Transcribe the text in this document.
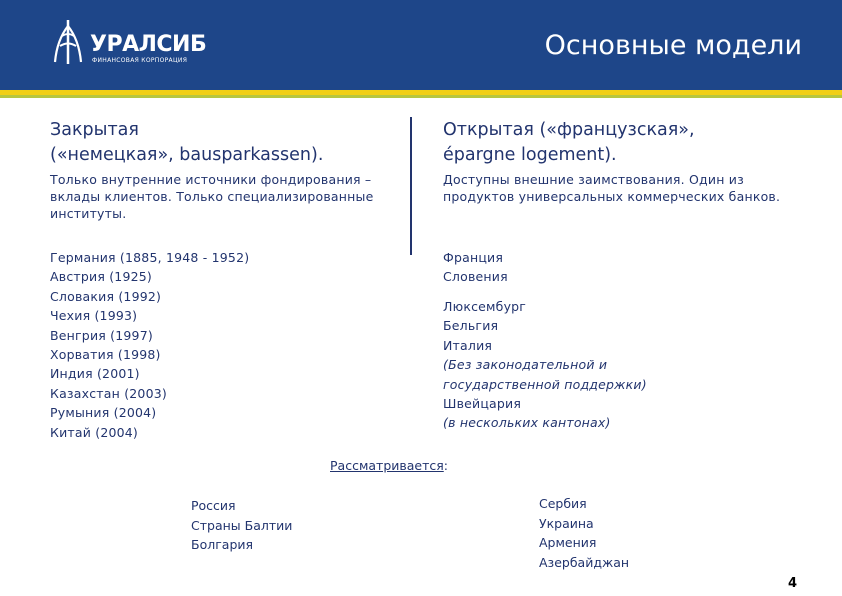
УРАЛСИБ
ФИНАНСОВАЯ КОРПОРАЦИЯ	Основные модели
Закрытая
(«немецкая», bausparkassen).
Только внутренние источники фондирования – вклады клиентов. Только специализированные институты.
Германия (1885, 1948 - 1952)
Австрия (1925)
Словакия (1992)
Чехия (1993)
Венгрия (1997)
Хорватия (1998)
Индия (2001)
Казахстан (2003)
Румыния (2004)
Китай (2004)
Открытая («французская»,
épargne logement).
Доступны внешние заимствования. Один из продуктов универсальных коммерческих банков.
Франция
Словения
Люксембург
Бельгия
Италия
(Без законодательной и
государственной поддержки)
Швейцария
(в нескольких кантонах)
Рассматривается:
Россия
Страны Балтии
Болгария
Сербия
Украина
Армения
Азербайджан
4
